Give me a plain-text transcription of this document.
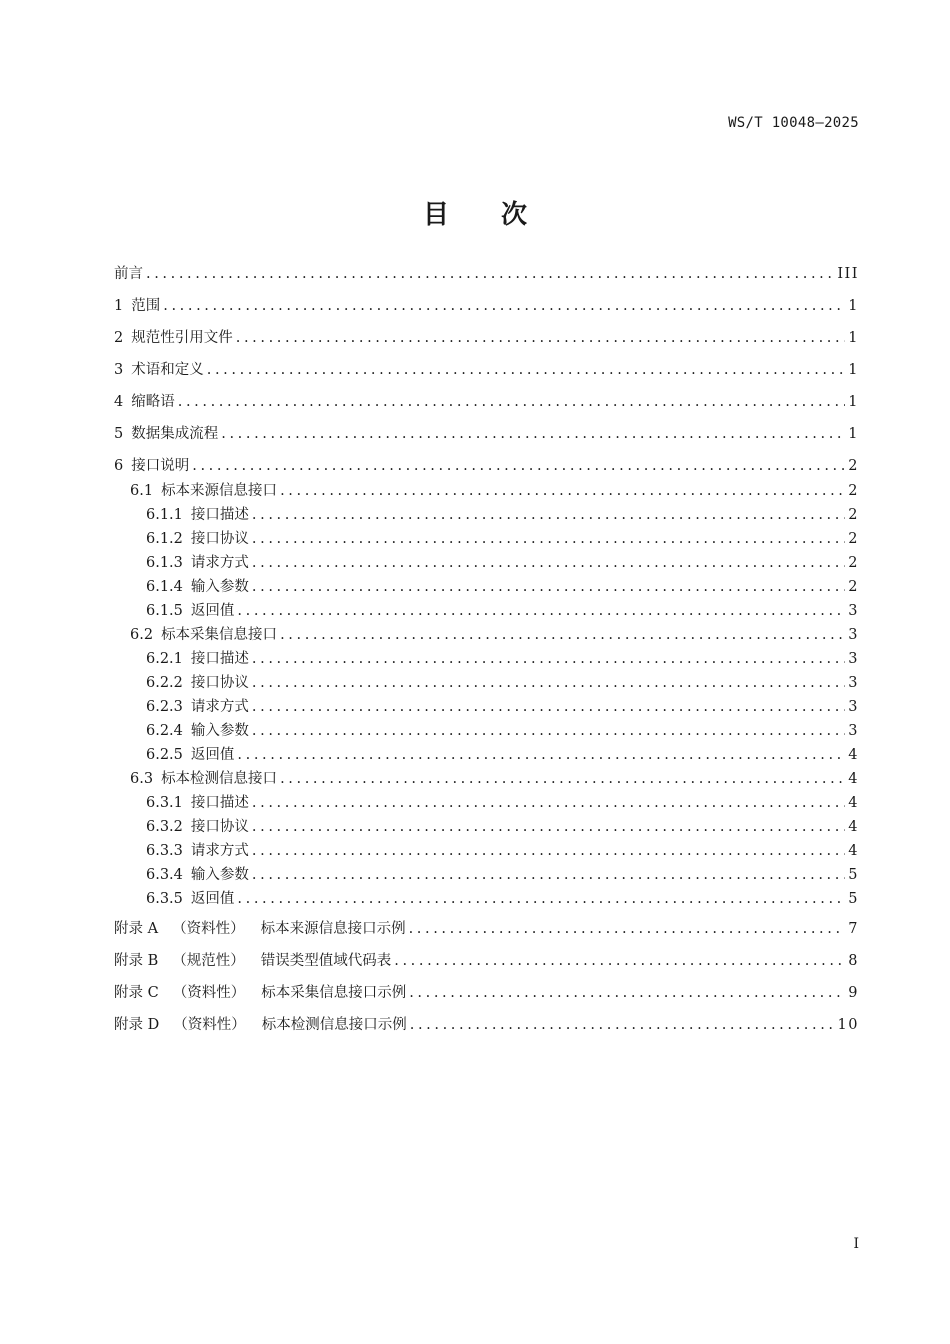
WS/T 10048—2025
目 次
前言 .....	III
1 范围 .....	1
2 规范性引用文件 .....	1
3 术语和定义 .....	1
4 缩略语 .....	1
5 数据集成流程 .....	1
6 接口说明 .....	2
6.1 标本来源信息接口 .....	2
6.1.1 接口描述 .....	2
6.1.2 接口协议 .....	2
6.1.3 请求方式 .....	2
6.1.4 输入参数 .....	2
6.1.5 返回值 .....	3
6.2 标本采集信息接口 .....	3
6.2.1 接口描述 .....	3
6.2.2 接口协议 .....	3
6.2.3 请求方式 .....	3
6.2.4 输入参数 .....	3
6.2.5 返回值 .....	4
6.3 标本检测信息接口 .....	4
6.3.1 接口描述 .....	4
6.3.2 接口协议 .....	4
6.3.3 请求方式 .....	4
6.3.4 输入参数 .....	5
6.3.5 返回值 .....	5
附录 A （资料性） 标本来源信息接口示例 .....	7
附录 B （规范性） 错误类型值域代码表 .....	8
附录 C （资料性） 标本采集信息接口示例 .....	9
附录 D （资料性） 标本检测信息接口示例 .....	10
I
